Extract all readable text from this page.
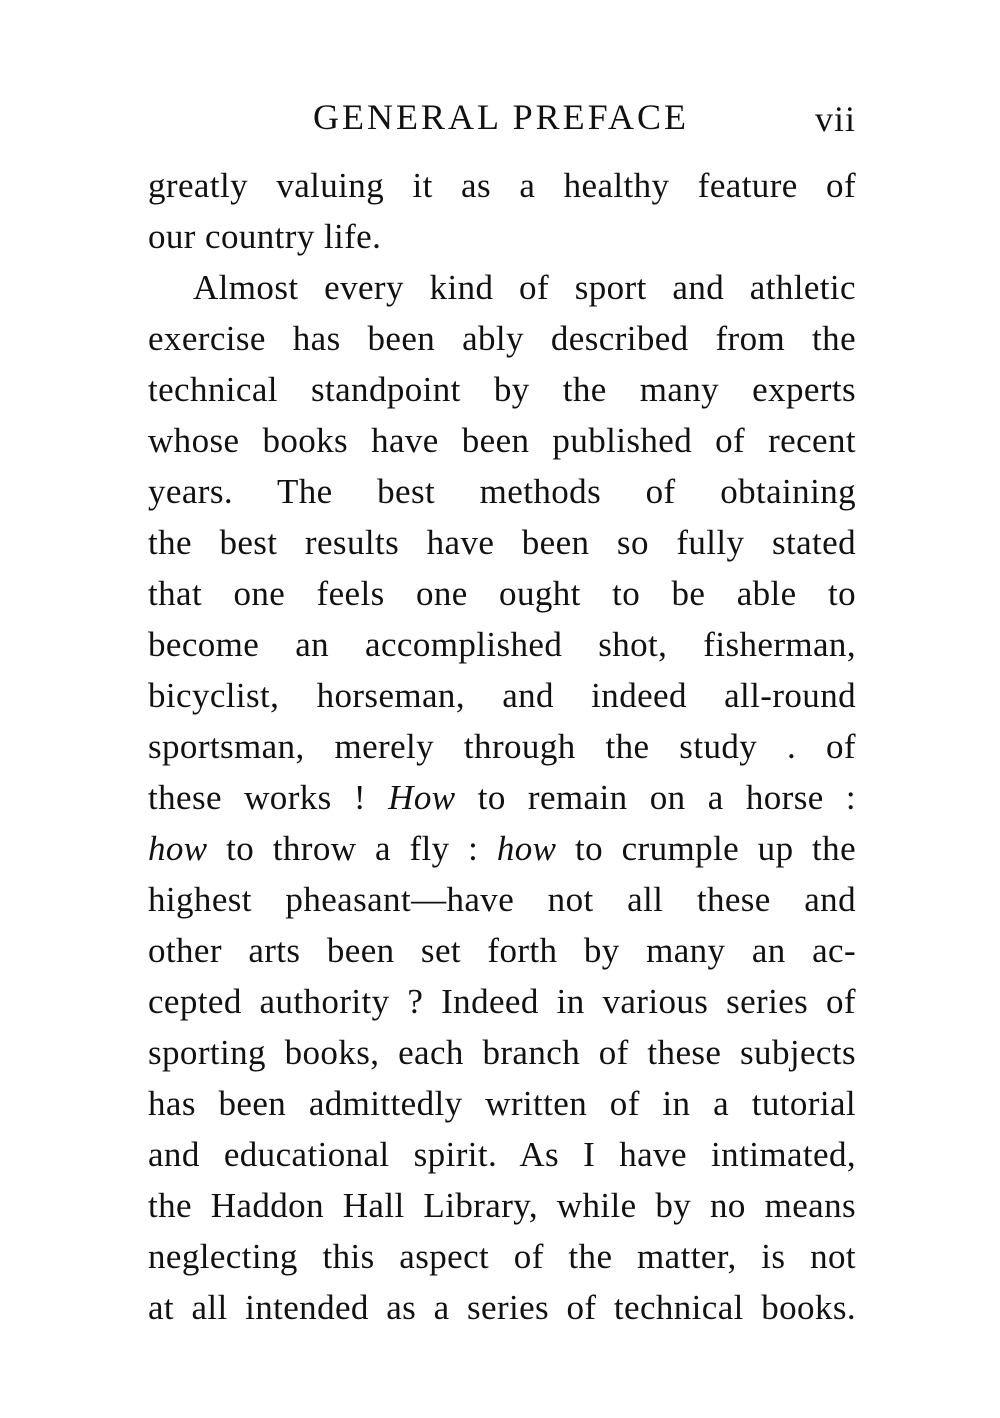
GENERAL PREFACE	vii
greatly valuing it as a healthy feature of
our country life.
Almost every kind of sport and athletic
exercise has been ably described from the
technical standpoint by the many experts
whose books have been published of recent
years. The best methods of obtaining
the best results have been so fully stated
that one feels one ought to be able to
become an accomplished shot, fisherman,
bicyclist, horseman, and indeed all-round
sportsman, merely through the study . of
these works ! How to remain on a horse :
how to throw a fly : how to crumple up the
highest pheasant—have not all these and
other arts been set forth by many an ac-
cepted authority ? Indeed in various series of
sporting books, each branch of these subjects
has been admittedly written of in a tutorial
and educational spirit. As I have intimated,
the Haddon Hall Library, while by no means
neglecting this aspect of the matter, is not
at all intended as a series of technical books.
